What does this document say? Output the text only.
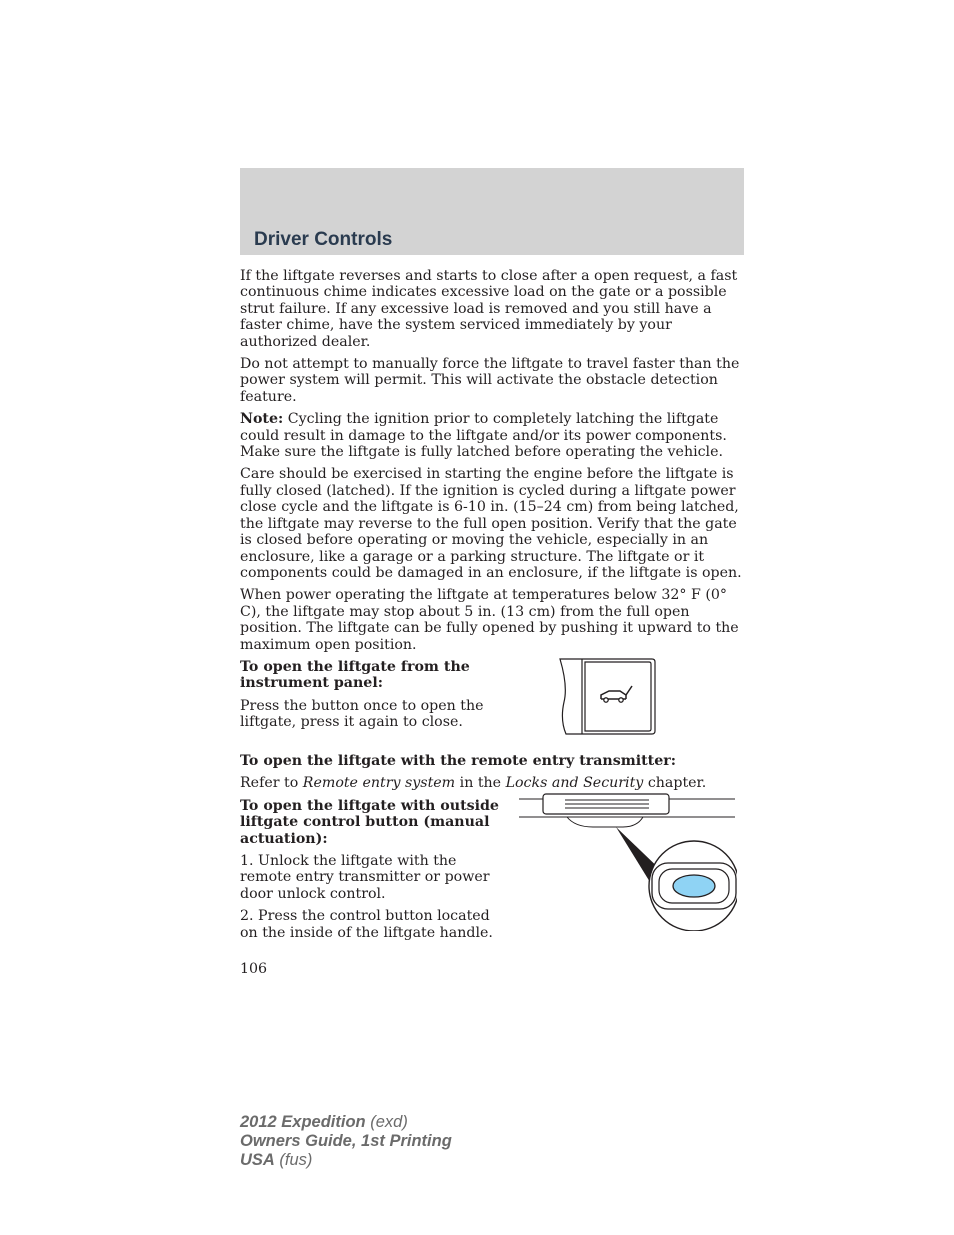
Driver Controls

If the liftgate reverses and starts to close after a open request, a fast continuous chime indicates excessive load on the gate or a possible strut failure. If any excessive load is removed and you still have a faster chime, have the system serviced immediately by your authorized dealer.

Do not attempt to manually force the liftgate to travel faster than the power system will permit. This will activate the obstacle detection feature.

Note: Cycling the ignition prior to completely latching the liftgate could result in damage to the liftgate and/or its power components. Make sure the liftgate is fully latched before operating the vehicle.

Care should be exercised in starting the engine before the liftgate is fully closed (latched). If the ignition is cycled during a liftgate power close cycle and the liftgate is 6-10 in. (15–24 cm) from being latched, the liftgate may reverse to the full open position. Verify that the gate is closed before operating or moving the vehicle, especially in an enclosure, like a garage or a parking structure. The liftgate or it components could be damaged in an enclosure, if the liftgate is open.

When power operating the liftgate at temperatures below 32° F (0° C), the liftgate may stop about 5 in. (13 cm) from the full open position. The liftgate can be fully opened by pushing it upward to the maximum open position.

To open the liftgate from the instrument panel:

Press the button once to open the liftgate, press it again to close.

To open the liftgate with the remote entry transmitter:

Refer to Remote entry system in the Locks and Security chapter.

To open the liftgate with outside liftgate control button (manual actuation):

1. Unlock the liftgate with the remote entry transmitter or power door unlock control.

2. Press the control button located on the inside of the liftgate handle.

106
2012 Expedition (exd)
Owners Guide, 1st Printing
USA (fus)
